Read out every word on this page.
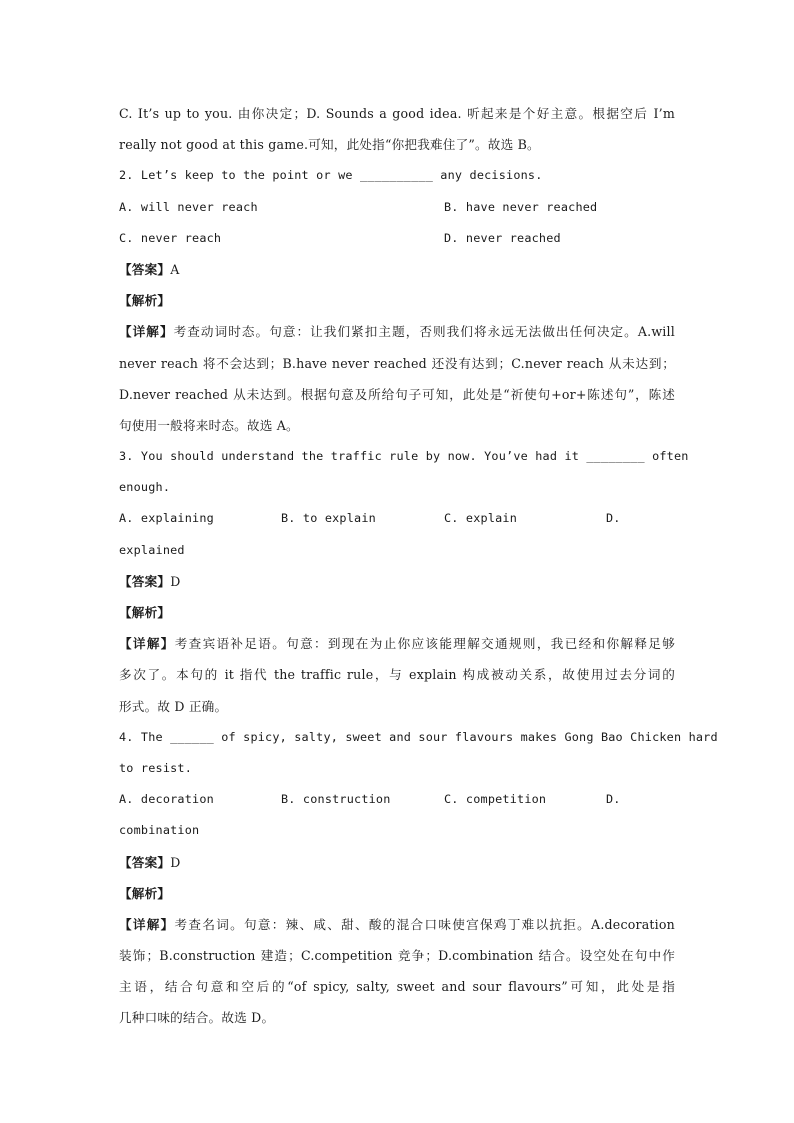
C. It’s up to you. 由你决定；D. Sounds a good idea. 听起来是个好主意。根据空后 I’m
really not good at this game.可知，此处指“你把我难住了”。故选 B。
2. Let’s keep to the point or we __________ any decisions.
A. will never reach	B. have never reached
C. never reach	D. never reached
【答案】A
【解析】
【详解】考查动词时态。句意：让我们紧扣主题，否则我们将永远无法做出任何决定。A.will
never reach 将不会达到；B.have never reached 还没有达到；C.never reach 从未达到；
D.never reached 从未达到。根据句意及所给句子可知，此处是“祈使句+or+陈述句”，陈述
句使用一般将来时态。故选 A。
3. You should understand the traffic rule by now. You’ve had it ________ often
enough.
A. explaining	B. to explain	C. explain	D.
explained
【答案】D
【解析】
【详解】考查宾语补足语。句意：到现在为止你应该能理解交通规则，我已经和你解释足够
多次了。本句的 it 指代 the traffic rule，与 explain 构成被动关系，故使用过去分词的
形式。故 D 正确。
4. The ______ of spicy, salty, sweet and sour flavours makes Gong Bao Chicken hard
to resist.
A. decoration	B. construction	C. competition	D.
combination
【答案】D
【解析】
【详解】考查名词。句意：辣、咸、甜、酸的混合口味使宫保鸡丁难以抗拒。A.decoration
装饰；B.construction 建造；C.competition 竞争；D.combination 结合。设空处在句中作
主语，结合句意和空后的“of spicy, salty, sweet and sour flavours”可知，此处是指
几种口味的结合。故选 D。
